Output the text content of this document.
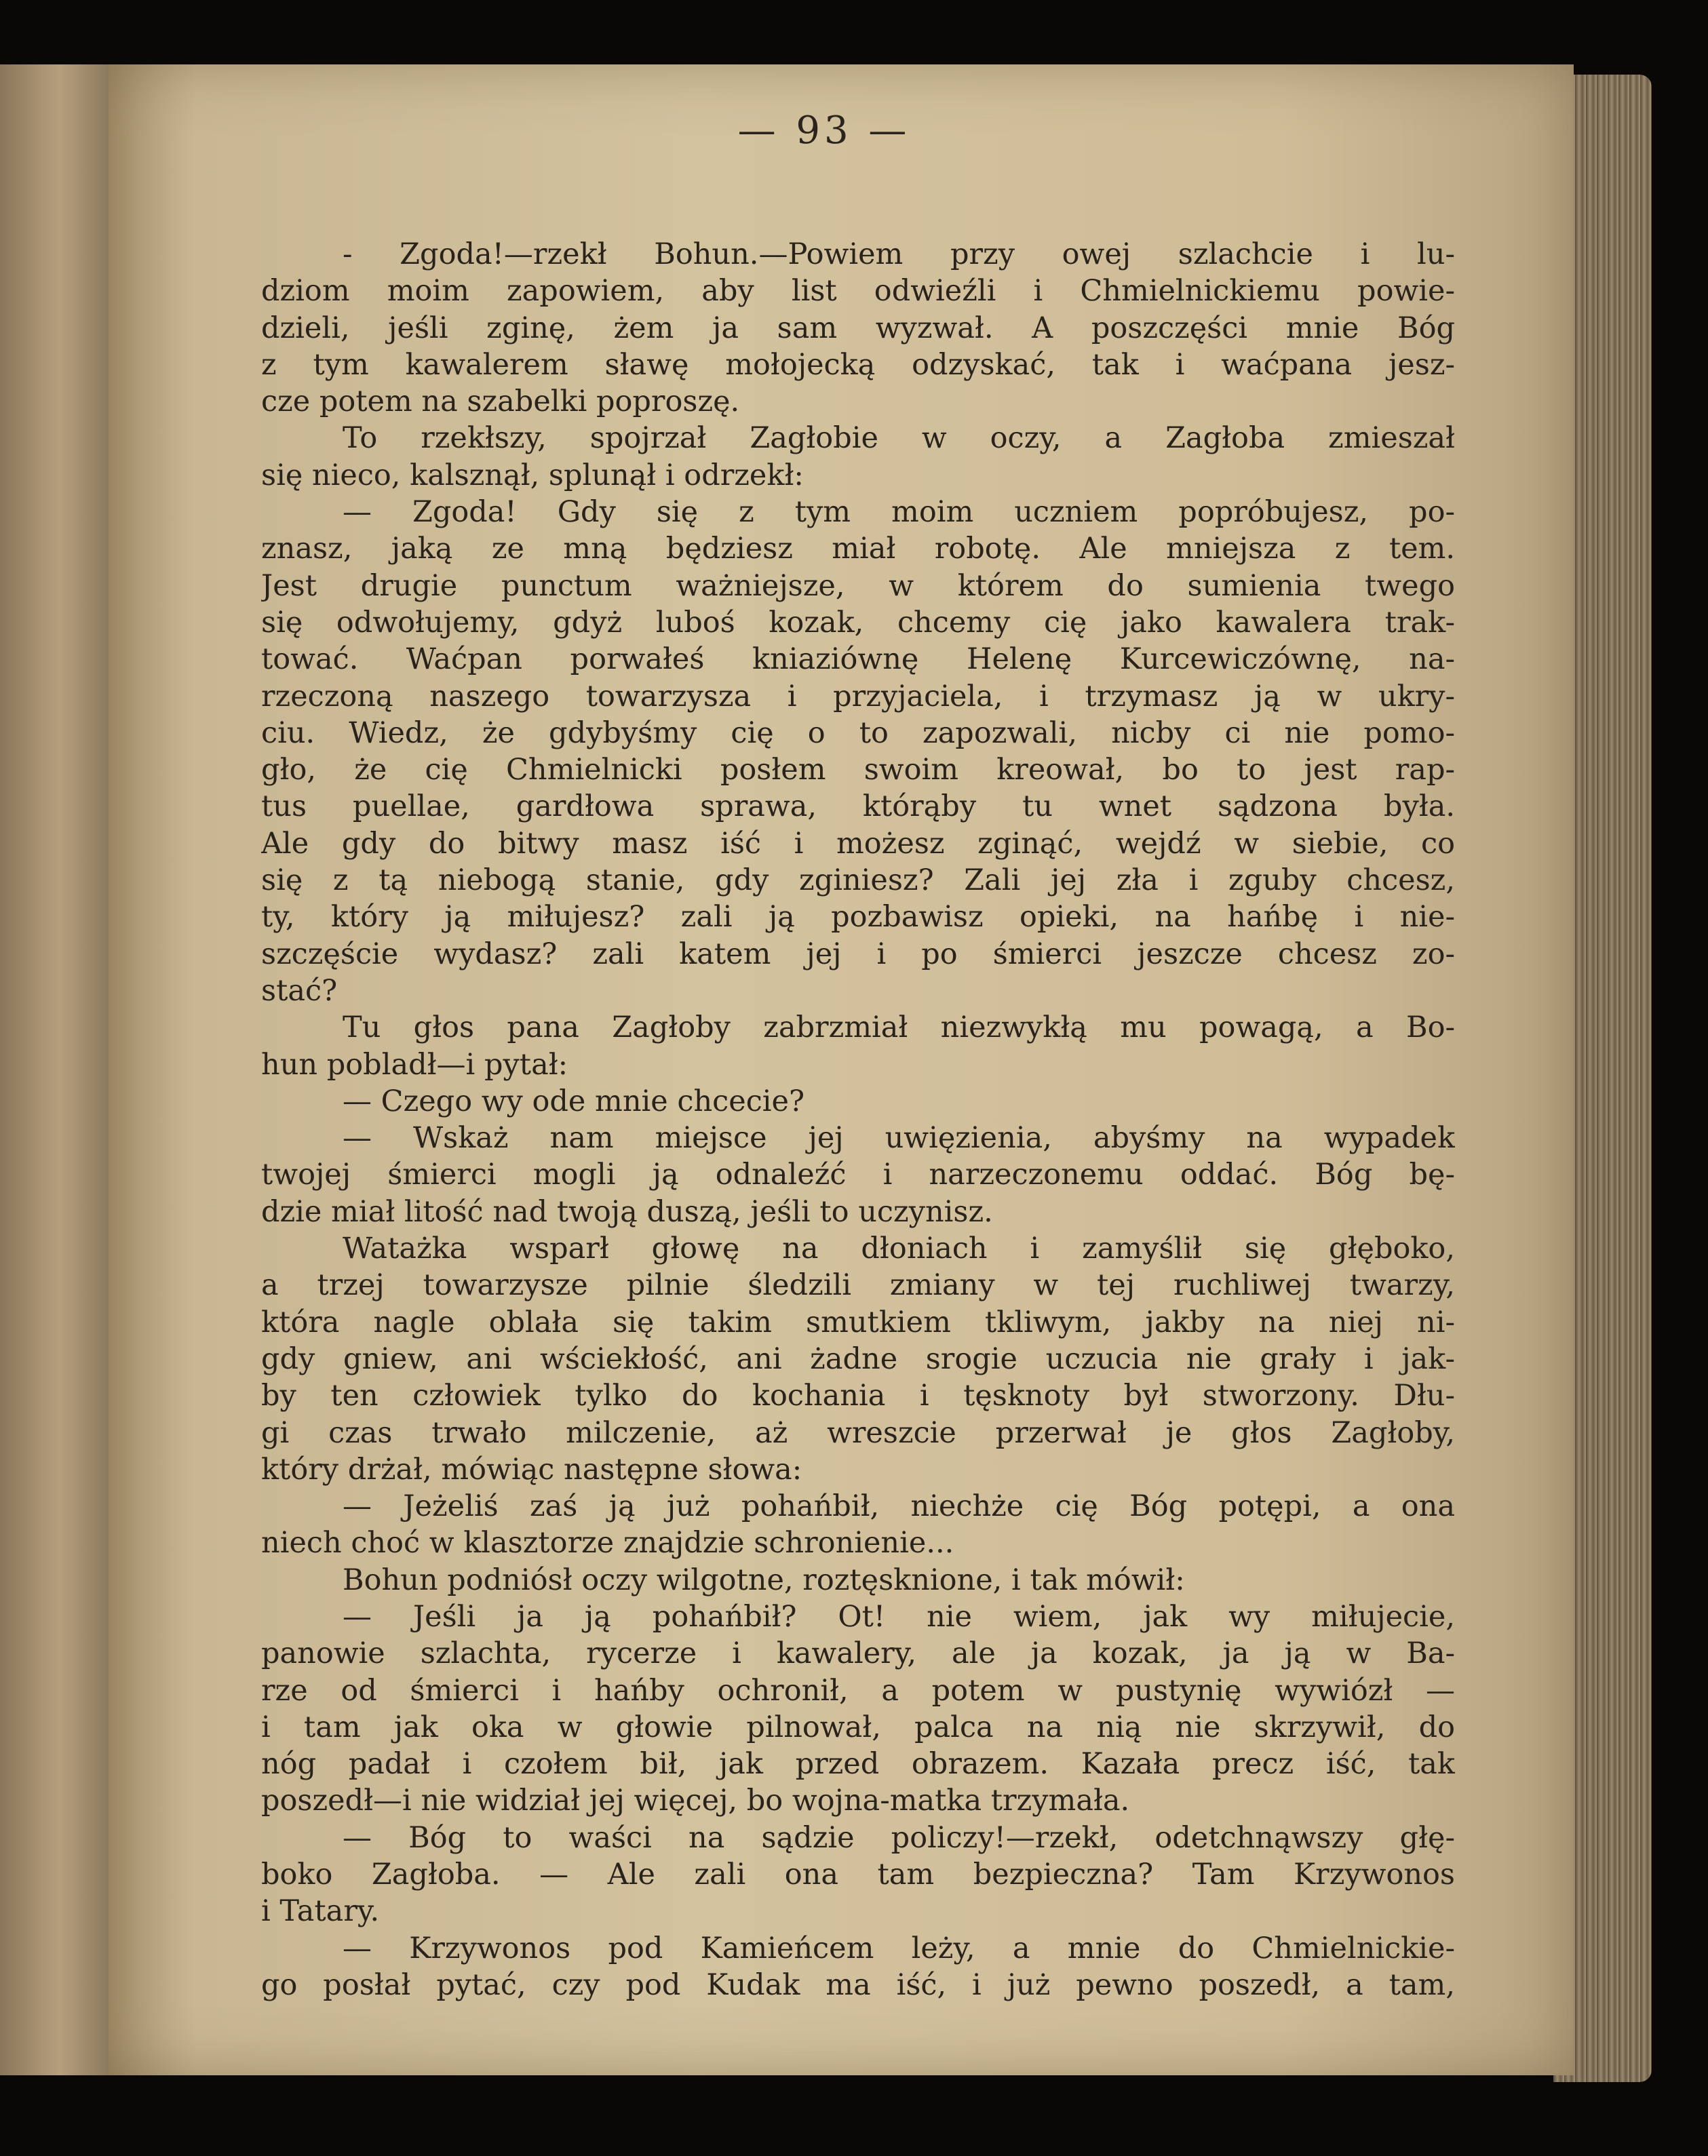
— 93 —
- Zgoda!—rzekł Bohun.—Powiem przy owej szlachcie i lu-
dziom moim zapowiem, aby list odwieźli i Chmielnickiemu powie-
dzieli, jeśli zginę, żem ja sam wyzwał. A poszczęści mnie Bóg
z tym kawalerem sławę mołojecką odzyskać, tak i waćpana jesz-
cze potem na szabelki poproszę.
To rzekłszy, spojrzał Zagłobie w oczy, a Zagłoba zmieszał
się nieco, kalsznął, splunął i odrzekł:
— Zgoda! Gdy się z tym moim uczniem popróbujesz, po-
znasz, jaką ze mną będziesz miał robotę. Ale mniejsza z tem.
Jest drugie punctum ważniejsze, w którem do sumienia twego
się odwołujemy, gdyż luboś kozak, chcemy cię jako kawalera trak-
tować. Waćpan porwałeś kniaziównę Helenę Kurcewiczównę, na-
rzeczoną naszego towarzysza i przyjaciela, i trzymasz ją w ukry-
ciu. Wiedz, że gdybyśmy cię o to zapozwali, nicby ci nie pomo-
gło, że cię Chmielnicki posłem swoim kreował, bo to jest rap-
tus puellae, gardłowa sprawa, którąby tu wnet sądzona była.
Ale gdy do bitwy masz iść i możesz zginąć, wejdź w siebie, co
się z tą niebogą stanie, gdy zginiesz? Zali jej zła i zguby chcesz,
ty, który ją miłujesz? zali ją pozbawisz opieki, na hańbę i nie-
szczęście wydasz? zali katem jej i po śmierci jeszcze chcesz zo-
stać?
Tu głos pana Zagłoby zabrzmiał niezwykłą mu powagą, a Bo-
hun pobladł—i pytał:
— Czego wy ode mnie chcecie?
— Wskaż nam miejsce jej uwięzienia, abyśmy na wypadek
twojej śmierci mogli ją odnaleźć i narzeczonemu oddać. Bóg bę-
dzie miał litość nad twoją duszą, jeśli to uczynisz.
Watażka wsparł głowę na dłoniach i zamyślił się głęboko,
a trzej towarzysze pilnie śledzili zmiany w tej ruchliwej twarzy,
która nagle oblała się takim smutkiem tkliwym, jakby na niej ni-
gdy gniew, ani wściekłość, ani żadne srogie uczucia nie grały i jak-
by ten człowiek tylko do kochania i tęsknoty był stworzony. Dłu-
gi czas trwało milczenie, aż wreszcie przerwał je głos Zagłoby,
który drżał, mówiąc następne słowa:
— Jeżeliś zaś ją już pohańbił, niechże cię Bóg potępi, a ona
niech choć w klasztorze znajdzie schronienie...
Bohun podniósł oczy wilgotne, roztęsknione, i tak mówił:
— Jeśli ja ją pohańbił? Ot! nie wiem, jak wy miłujecie,
panowie szlachta, rycerze i kawalery, ale ja kozak, ja ją w Ba-
rze od śmierci i hańby ochronił, a potem w pustynię wywiózł —
i tam jak oka w głowie pilnował, palca na nią nie skrzywił, do
nóg padał i czołem bił, jak przed obrazem. Kazała precz iść, tak
poszedł—i nie widział jej więcej, bo wojna-matka trzymała.
— Bóg to waści na sądzie policzy!—rzekł, odetchnąwszy głę-
boko Zagłoba. — Ale zali ona tam bezpieczna? Tam Krzywonos
i Tatary.
— Krzywonos pod Kamieńcem leży, a mnie do Chmielnickie-
go posłał pytać, czy pod Kudak ma iść, i już pewno poszedł, a tam,
